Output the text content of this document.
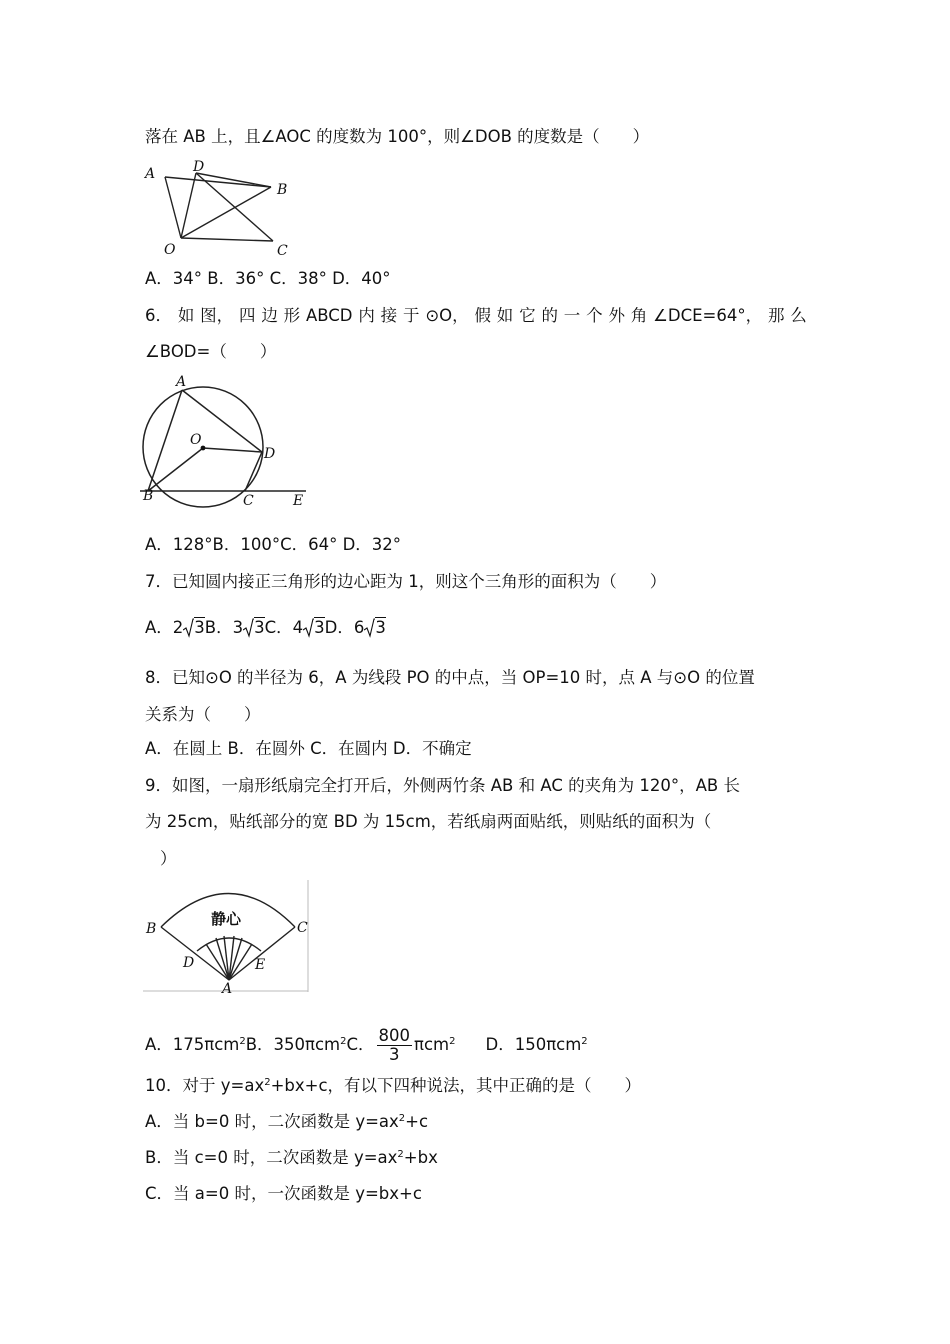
落在 AB 上，且∠AOC 的度数为 100°，则∠DOB 的度数是（　　）
A	D
B
O	C
A．34° B．36° C．38° D．40°
6． 如 图， 四 边 形 ABCD 内 接 于 ⊙O， 假 如 它 的 一 个 外 角 ∠DCE=64°， 那 么
∠BOD=（　　）
A
O
D
B	C	E
A．128°B．100°C．64° D．32°
7．已知圆内接正三角形的边心距为 1，则这个三角形的面积为（　　）
A．2 3B．3 3C．4 3D．6 3
8．已知⊙O 的半径为 6，A 为线段 PO 的中点，当 OP=10 时，点 A 与⊙O 的位置
关系为（　　）
A．在圆上 B．在圆外 C．在圆内 D．不确定
9．如图，一扇形纸扇完全打开后，外侧两竹条 AB 和 AC 的夹角为 120°，AB 长
为 25cm，贴纸部分的宽 BD 为 15cm，若纸扇两面贴纸，则贴纸的面积为（
）
静心
B	C
D	E
A
A．175πcm$^2$B．350πcm$^2$C． $\frac{800}{3} \pi cm^2$ D．150πcm$^2$
10．对于 $y=ax^2+bx+c$，有以下四种说法，其中正确的是（　　）
A．当 b=0 时，二次函数是 $y=ax^2+c$
B．当 c=0 时，二次函数是 $y=ax^2+bx$
C．当 a=0 时，一次函数是 y=bx+c
